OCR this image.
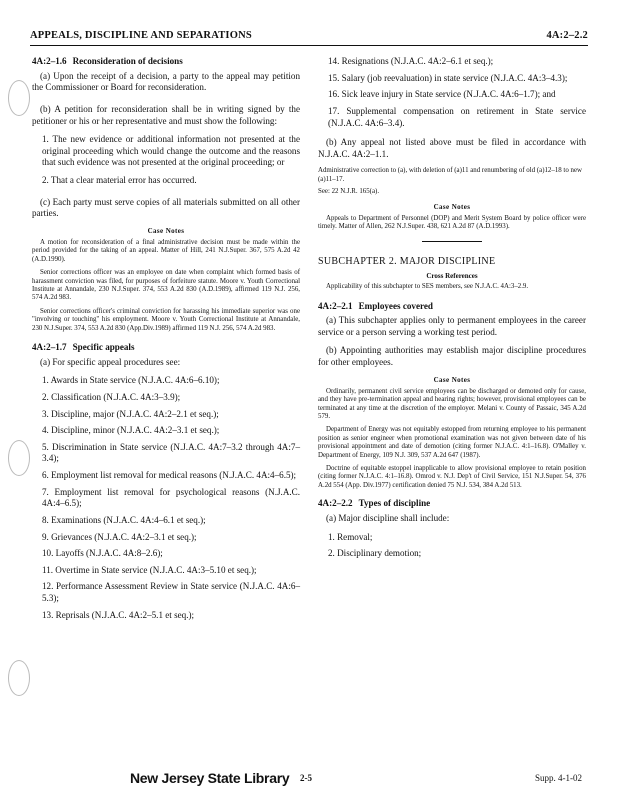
APPEALS, DISCIPLINE AND SEPARATIONS	4A:2–2.2
4A:2–1.6 Reconsideration of decisions

(a) Upon the receipt of a decision, a party to the appeal may petition the Commissioner or Board for reconsideration.

(b) A petition for reconsideration shall be in writing signed by the petitioner or his or her representative and must show the following:

1. The new evidence or additional information not presented at the original proceeding which would change the outcome and the reasons that such evidence was not presented at the original proceeding; or
2. That a clear material error has occurred.

(c) Each party must serve copies of all materials submitted on all other parties.

Case Notes
A motion for reconsideration of a final administrative decision must be made within the period provided for the taking of an appeal. Matter of Hill, 241 N.J.Super. 367, 575 A.2d 42 (A.D.1990).
Senior corrections officer was an employee on date when complaint which formed basis of harassment conviction was filed, for purposes of forfeiture statute. Moore v. Youth Correctional Institute at Annandale, 230 N.J.Super. 374, 553 A.2d 830 (A.D.1989), affirmed 119 N.J. 256, 574 A.2d 983.
Senior corrections officer's criminal conviction for harassing his immediate superior was one "involving or touching" his employment. Moore v. Youth Correctional Institute at Annandale, 230 N.J.Super. 374, 553 A.2d 830 (App.Div.1989) affirmed 119 N.J. 256, 574 A.2d 983.
4A:2–1.7 Specific appeals

(a) For specific appeal procedures see:

1. Awards in State service (N.J.A.C. 4A:6–6.10);
2. Classification (N.J.A.C. 4A:3–3.9);
3. Discipline, major (N.J.A.C. 4A:2–2.1 et seq.);
4. Discipline, minor (N.J.A.C. 4A:2–3.1 et seq.);
5. Discrimination in State service (N.J.A.C. 4A:7–3.2 through 4A:7–3.4);
6. Employment list removal for medical reasons (N.J.A.C. 4A:4–6.5);
7. Employment list removal for psychological reasons (N.J.A.C. 4A:4–6.5);
8. Examinations (N.J.A.C. 4A:4–6.1 et seq.);
9. Grievances (N.J.A.C. 4A:2–3.1 et seq.);
10. Layoffs (N.J.A.C. 4A:8–2.6);
11. Overtime in State service (N.J.A.C. 4A:3–5.10 et seq.);
12. Performance Assessment Review in State service (N.J.A.C. 4A:6–5.3);
13. Reprisals (N.J.A.C. 4A:2–5.1 et seq.);
14. Resignations (N.J.A.C. 4A:2–6.1 et seq.);
15. Salary (job reevaluation) in state service (N.J.A.C. 4A:3–4.3);
16. Sick leave injury in State service (N.J.A.C. 4A:6–1.7); and
17. Supplemental compensation on retirement in State service (N.J.A.C. 4A:6–3.4).

(b) Any appeal not listed above must be filed in accordance with N.J.A.C. 4A:2–1.1.

Administrative correction to (a), with deletion of (a)11 and renumbering of old (a)12–18 to new (a)11–17.
See: 22 N.J.R. 165(a).
Case Notes
Appeals to Department of Personnel (DOP) and Merit System Board by police officer were timely. Matter of Allen, 262 N.J.Super. 438, 621 A.2d 87 (A.D.1993).
SUBCHAPTER 2. MAJOR DISCIPLINE
Cross References
Applicability of this subchapter to SES members, see N.J.A.C. 4A:3–2.9.
4A:2–2.1 Employees covered

(a) This subchapter applies only to permanent employees in the career service or a person serving a working test period.

(b) Appointing authorities may establish major discipline procedures for other employees.

Case Notes
Ordinarily, permanent civil service employees can be discharged or demoted only for cause, and they have pre-termination appeal and hearing rights; however, provisional employees can be terminated at any time at the discretion of the employer. Melani v. County of Passaic, 345 A.2d 579.
Department of Energy was not equitably estopped from returning employee to his permanent position as senior engineer when promotional examination was not given between date of his provisional appointment and date of demotion (citing former N.J.A.C. 4:1–16.8). O'Malley v. Department of Energy, 109 N.J. 309, 537 A.2d 647 (1987).
Doctrine of equitable estoppel inapplicable to allow provisional employee to retain position (citing former N.J.A.C. 4:1–16.8). Omrod v. N.J. Dep't of Civil Service, 151 N.J.Super. 54, 376 A.2d 554 (App. Div.1977) certification denied 75 N.J. 534, 384 A.2d 513.
4A:2–2.2 Types of discipline

(a) Major discipline shall include:

1. Removal;
2. Disciplinary demotion;
New Jersey State Library 2-5	Supp. 4-1-02
